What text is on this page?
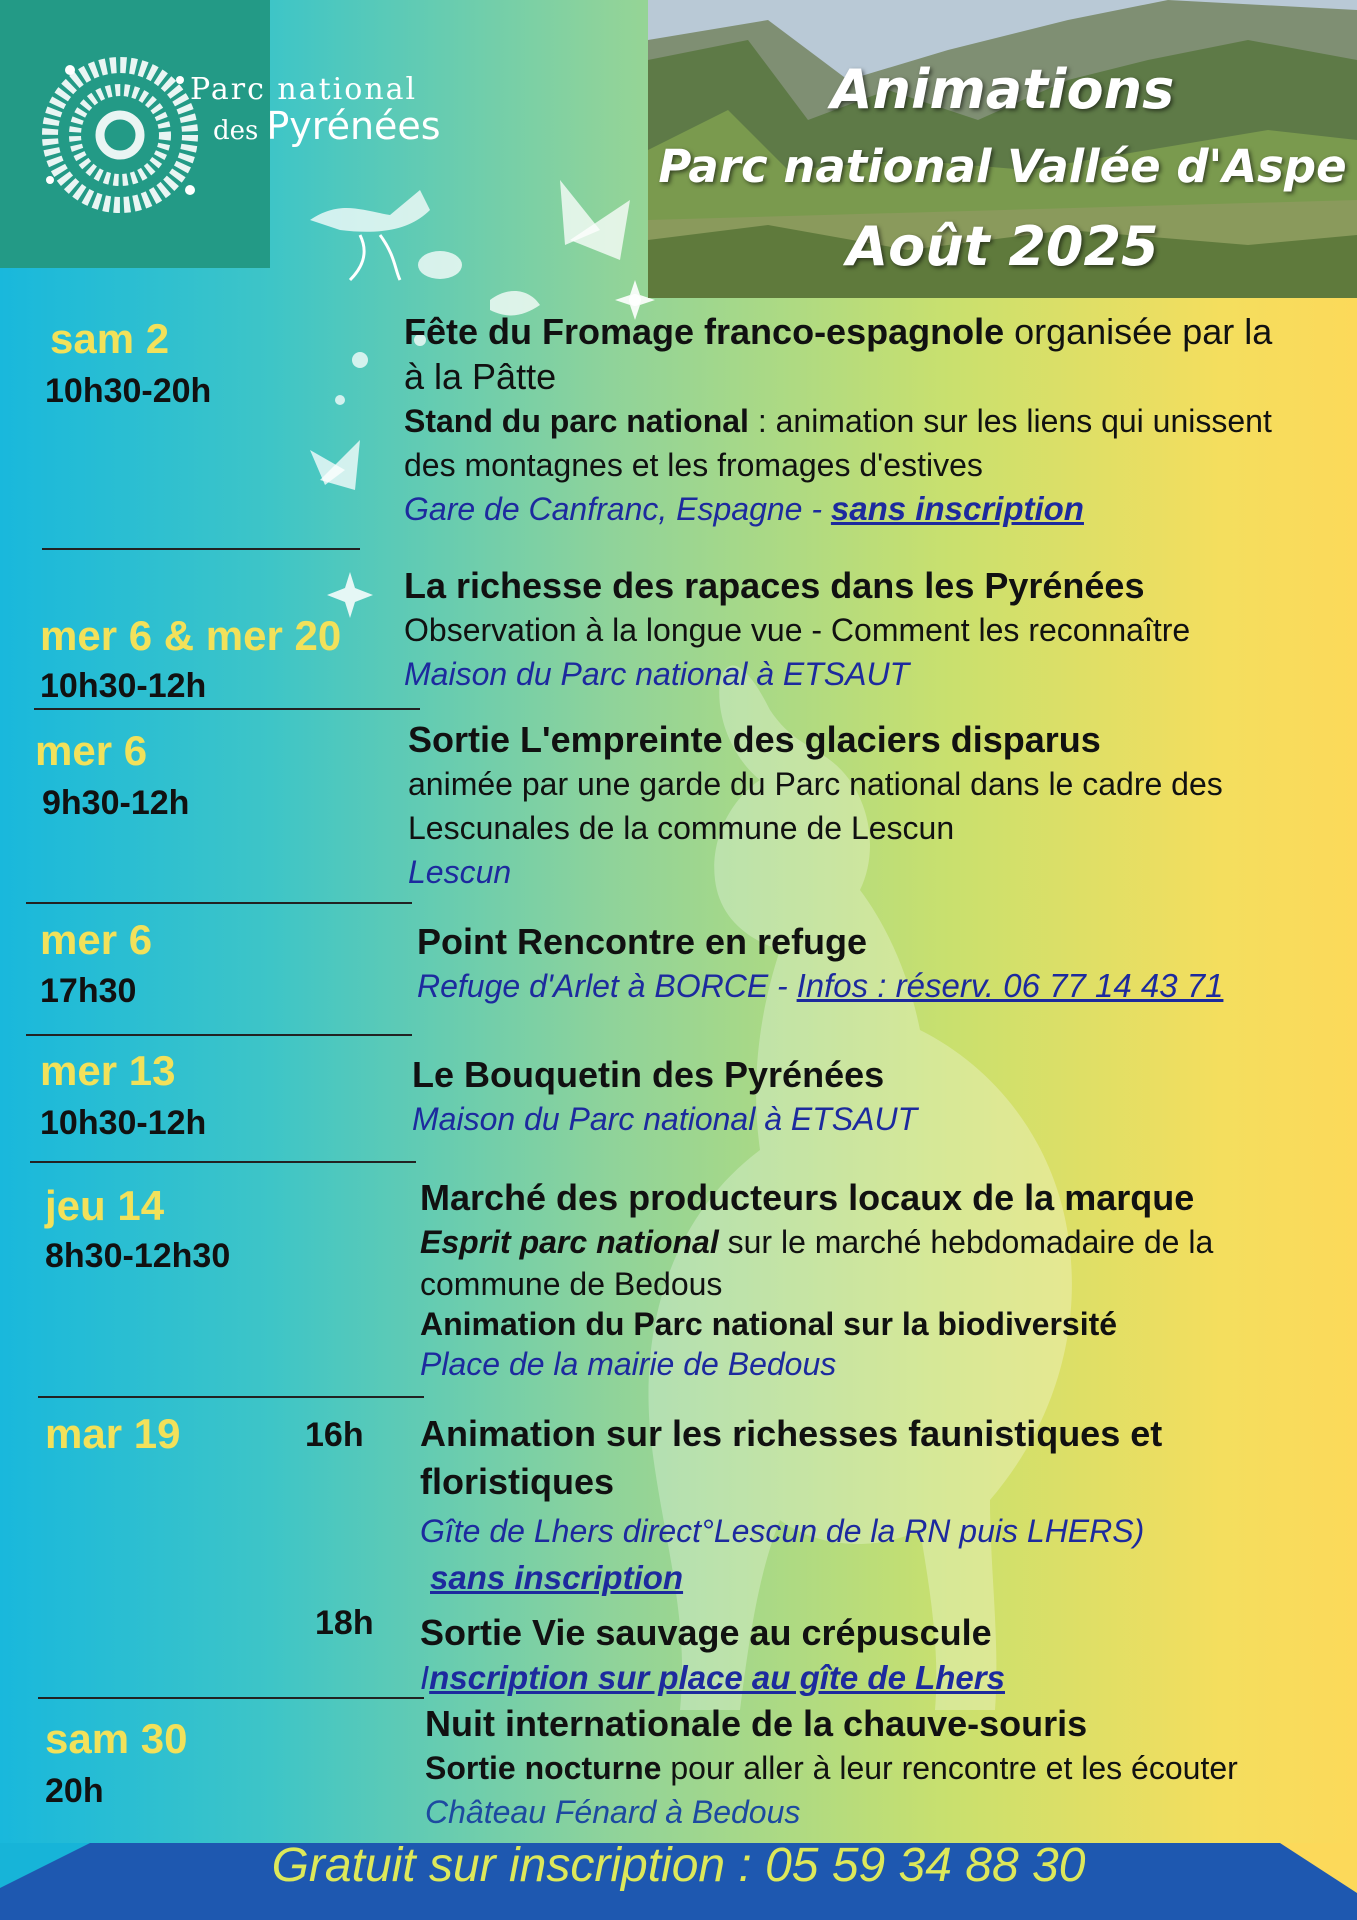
Parc national
des Pyrénées
Animations
Parc national Vallée d'Aspe
Août 2025
sam 2
10h30-20h
Fête du Fromage franco-espagnole organisée par la
à la Pâtte
Stand du parc national : animation sur les liens qui unissent
des montagnes et les fromages d'estives
Gare de Canfranc, Espagne - sans inscription
mer 6 & mer 20
10h30-12h
La richesse des rapaces dans les Pyrénées
Observation à la longue vue - Comment les reconnaître
Maison du Parc national à ETSAUT
mer 6
9h30-12h
Sortie L'empreinte des glaciers disparus
animée par une garde du Parc national dans le cadre des
Lescunales de la commune de Lescun
Lescun
mer 6
17h30
Point Rencontre en refuge
Refuge d'Arlet à BORCE - Infos : réserv. 06 77 14 43 71
mer 13
10h30-12h
Le Bouquetin des Pyrénées
Maison du Parc national à ETSAUT
jeu 14
8h30-12h30
Marché des producteurs locaux de la marque
Esprit parc national sur le marché hebdomadaire de la
commune de Bedous
Animation du Parc national sur la biodiversité
Place de la mairie de Bedous
mar 19	16h
18h
Animation sur les richesses faunistiques et
floristiques
Gîte de Lhers direct°Lescun de la RN puis LHERS)
sans inscription
Sortie Vie sauvage au crépuscule
Inscription sur place au gîte de Lhers
sam 30
20h
Nuit internationale de la chauve-souris
Sortie nocturne pour aller à leur rencontre et les écouter
Château Fénard à Bedous
Gratuit sur inscription : 05 59 34 88 30
